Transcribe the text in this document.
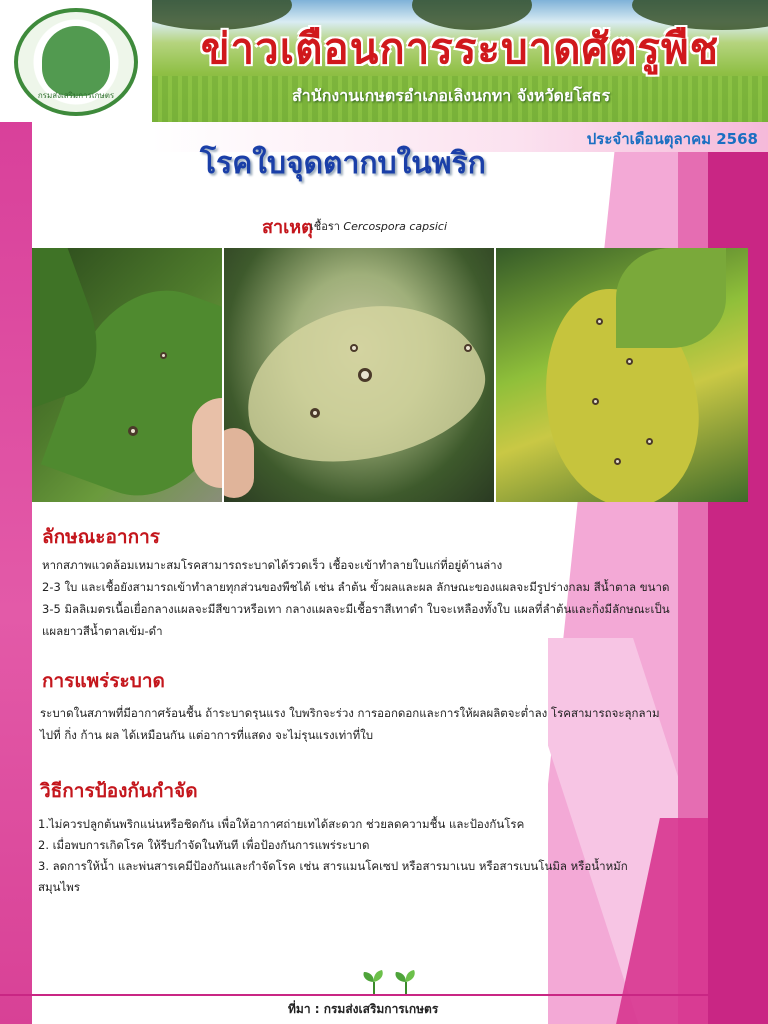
กรมส่งเสริมการเกษตร
ข่าวเตือนการระบาดศัตรูพืช
สำนักงานเกษตรอำเภอเลิงนกทา จังหวัดยโสธร
ประจำเดือนตุลาคม 2568
โรคใบจุดตากบในพริก
สาเหตุ
เชื้อรา Cercospora capsici
ลักษณะอาการ
หากสภาพแวดล้อมเหมาะสมโรคสามารถระบาดได้รวดเร็ว เชื้อจะเข้าทำลายใบแก่ที่อยู่ด้านล่าง
2-3 ใบ และเชื้อยังสามารถเข้าทำลายทุกส่วนของพืชได้ เช่น ลำต้น ขั้วผลและผล ลักษณะของแผลจะมีรูปร่างกลม สีน้ำตาล ขนาด
3-5 มิลลิเมตรเนื้อเยื่อกลางแผลจะมีสีขาวหรือเทา กลางแผลจะมีเชื้อราสีเทาดำ ใบจะเหลืองทั้งใบ แผลที่ลำต้นและกิ่งมีลักษณะเป็น
แผลยาวสีน้ำตาลเข้ม-ดำ
การแพร่ระบาด
ระบาดในสภาพที่มีอากาศร้อนชื้น ถ้าระบาดรุนแรง ใบพริกจะร่วง การออกดอกและการให้ผลผลิตจะต่ำลง โรคสามารถจะลุกลาม
ไปที่ กิ่ง ก้าน ผล ได้เหมือนกัน แต่อาการที่แสดง จะไม่รุนแรงเท่าที่ใบ
วิธีการป้องกันกำจัด
1.ไม่ควรปลูกต้นพริกแน่นหรือชิดกัน เพื่อให้อากาศถ่ายเทได้สะดวก ช่วยลดความชื้น และป้องกันโรค
2. เมื่อพบการเกิดโรค ให้รีบกำจัดในทันที เพื่อป้องกันการแพร่ระบาด
3. ลดการให้น้ำ และพ่นสารเคมีป้องกันและกำจัดโรค เช่น สารแมนโคเซป หรือสารมาเนบ หรือสารเบนโนมิล หรือน้ำหมัก
สมุนไพร
ที่มา : กรมส่งเสริมการเกษตร
